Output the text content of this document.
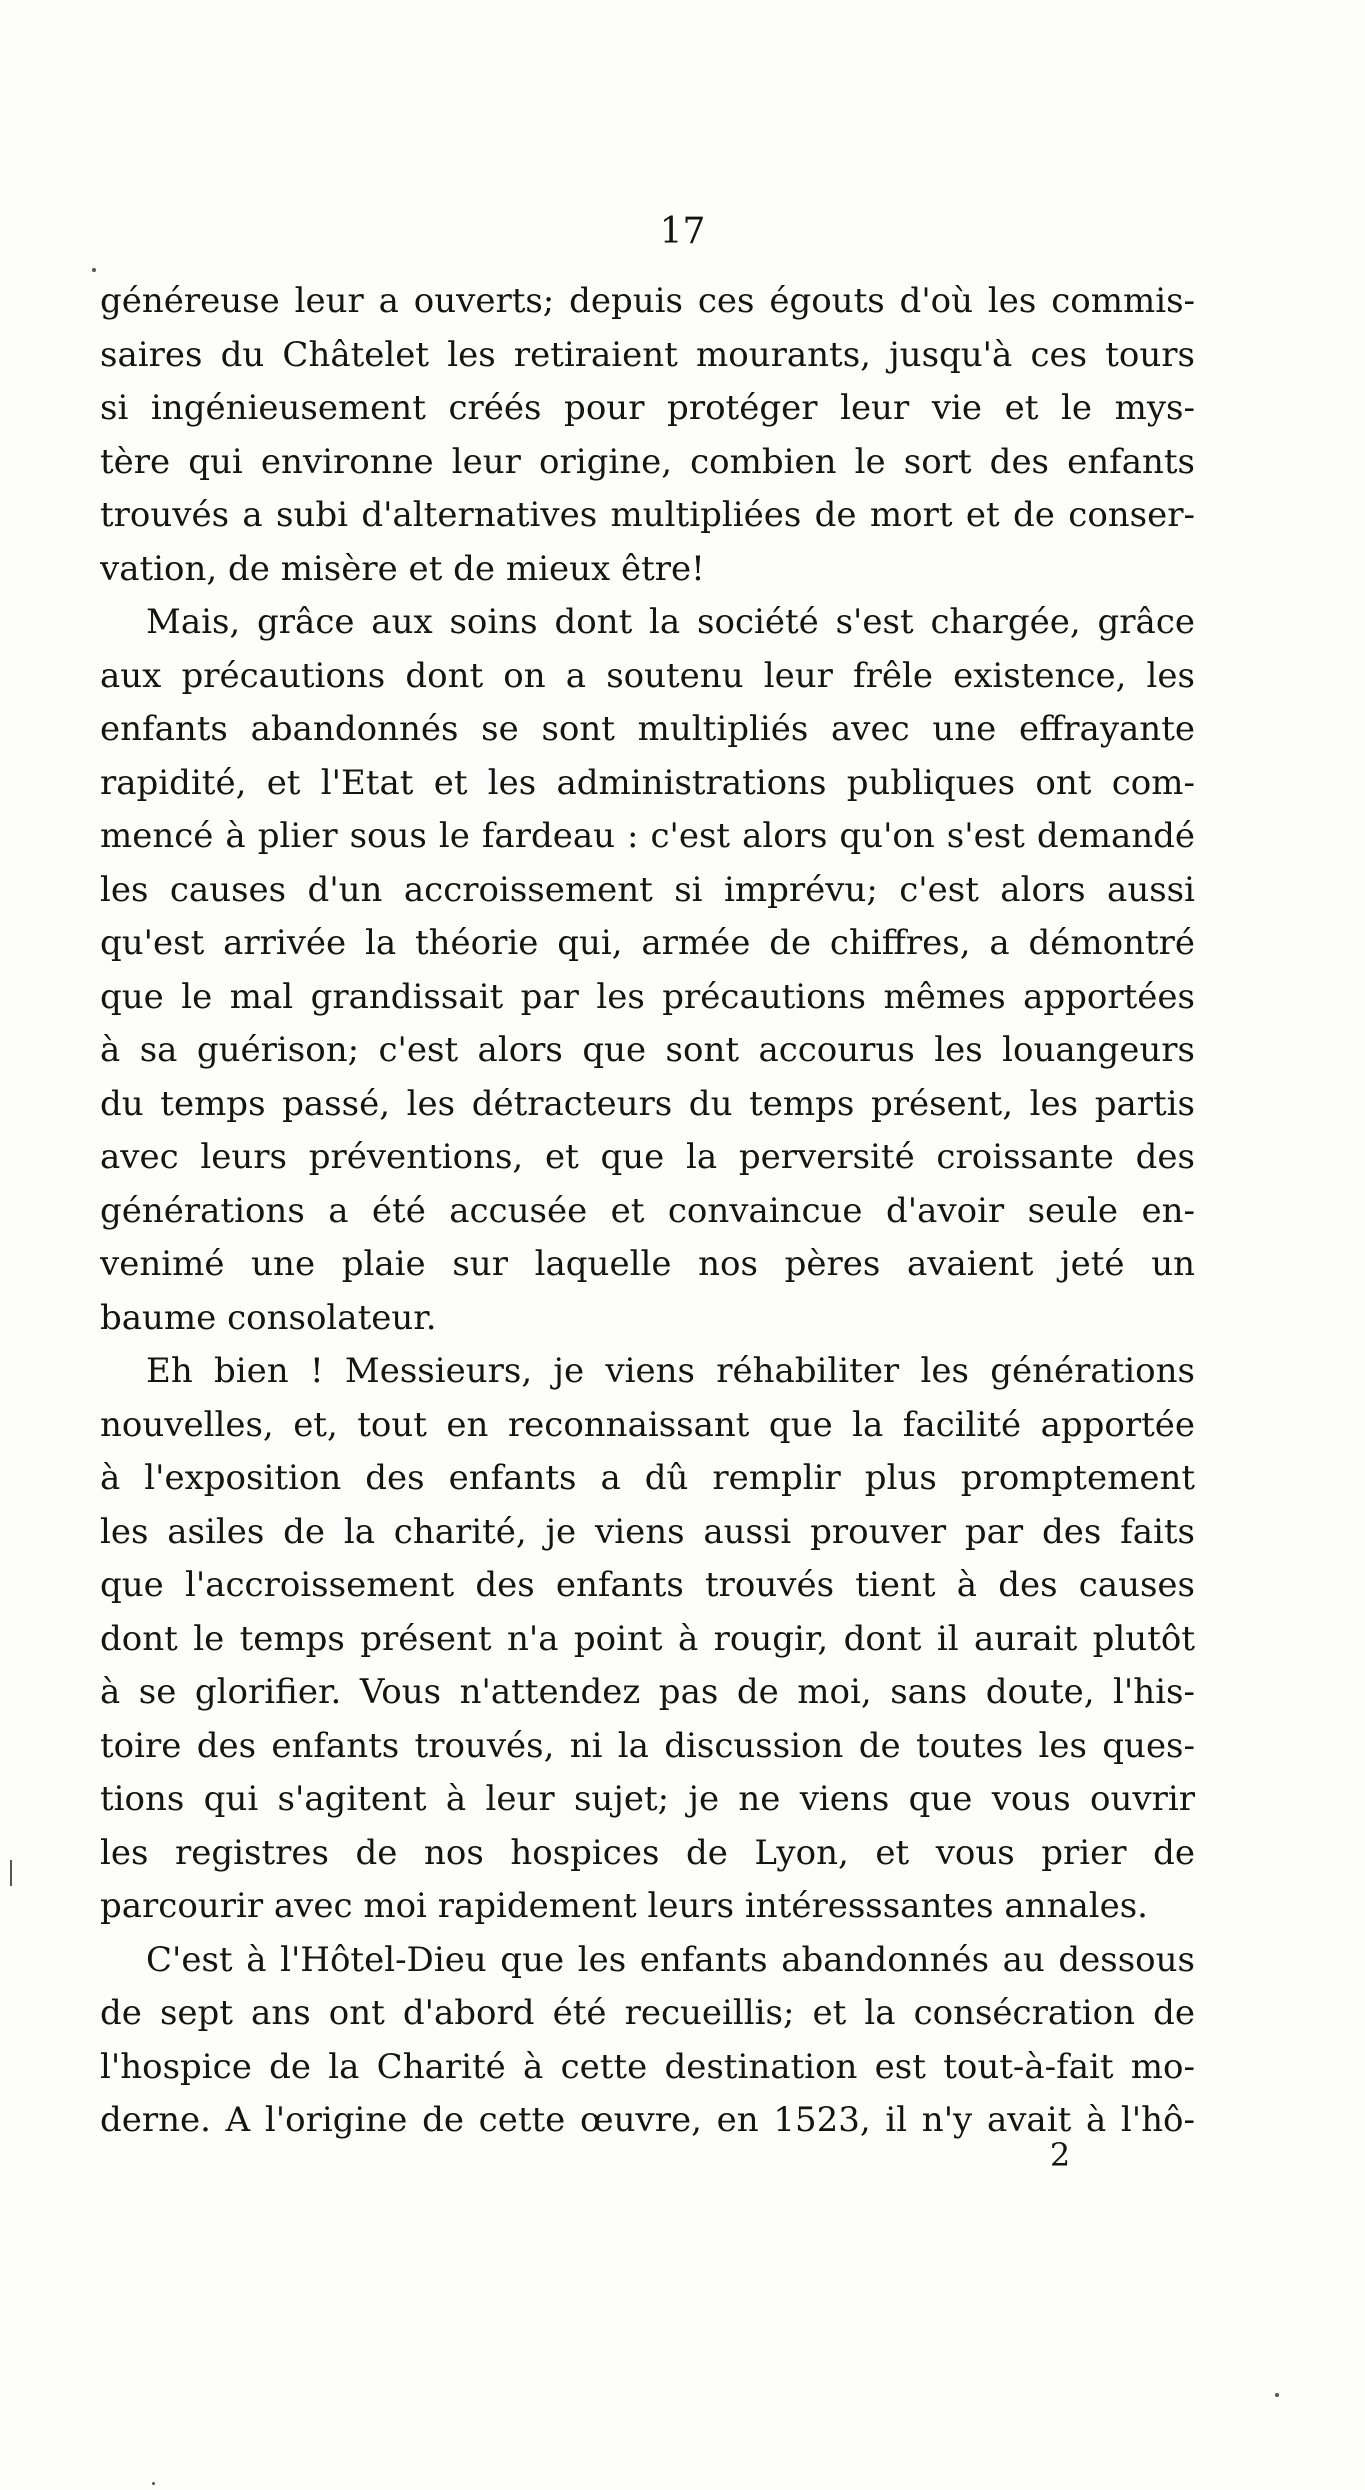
17
généreuse leur a ouverts; depuis ces égouts d'où les commis-
saires du Châtelet les retiraient mourants, jusqu'à ces tours
si ingénieusement créés pour protéger leur vie et le mys-
tère qui environne leur origine, combien le sort des enfants
trouvés a subi d'alternatives multipliées de mort et de conser-
vation, de misère et de mieux être!
Mais, grâce aux soins dont la société s'est chargée, grâce
aux précautions dont on a soutenu leur frêle existence, les
enfants abandonnés se sont multipliés avec une effrayante
rapidité, et l'Etat et les administrations publiques ont com-
mencé à plier sous le fardeau : c'est alors qu'on s'est demandé
les causes d'un accroissement si imprévu; c'est alors aussi
qu'est arrivée la théorie qui, armée de chiffres, a démontré
que le mal grandissait par les précautions mêmes apportées
à sa guérison; c'est alors que sont accourus les louangeurs
du temps passé, les détracteurs du temps présent, les partis
avec leurs préventions, et que la perversité croissante des
générations a été accusée et convaincue d'avoir seule en-
venimé une plaie sur laquelle nos pères avaient jeté un
baume consolateur.
Eh bien ! Messieurs, je viens réhabiliter les générations
nouvelles, et, tout en reconnaissant que la facilité apportée
à l'exposition des enfants a dû remplir plus promptement
les asiles de la charité, je viens aussi prouver par des faits
que l'accroissement des enfants trouvés tient à des causes
dont le temps présent n'a point à rougir, dont il aurait plutôt
à se glorifier. Vous n'attendez pas de moi, sans doute, l'his-
toire des enfants trouvés, ni la discussion de toutes les ques-
tions qui s'agitent à leur sujet; je ne viens que vous ouvrir
les registres de nos hospices de Lyon, et vous prier de
parcourir avec moi rapidement leurs intéresssantes annales.
C'est à l'Hôtel-Dieu que les enfants abandonnés au dessous
de sept ans ont d'abord été recueillis; et la consécration de
l'hospice de la Charité à cette destination est tout-à-fait mo-
derne. A l'origine de cette œuvre, en 1523, il n'y avait à l'hô-
2
